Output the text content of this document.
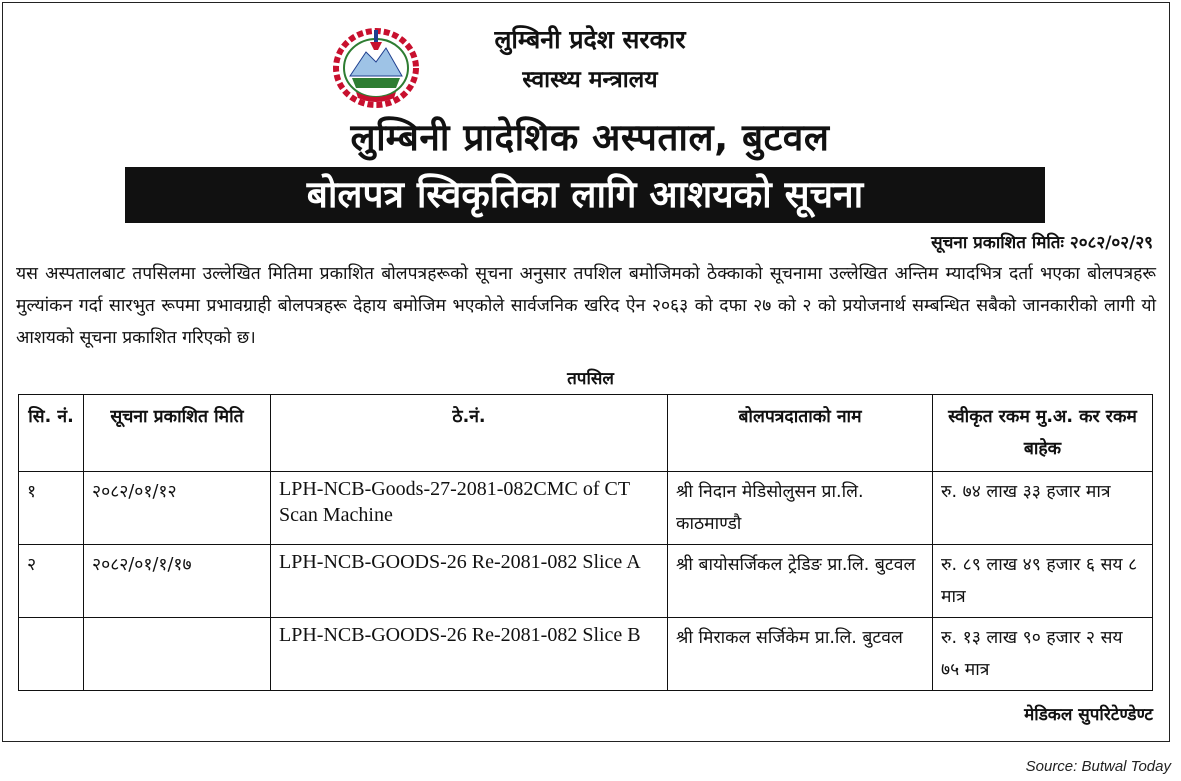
लुम्बिनी प्रदेश सरकार
स्वास्थ्य मन्त्रालय
लुम्बिनी प्रादेशिक अस्पताल, बुटवल
बोलपत्र स्विकृतिका लागि आशयको सूचना
सूचना प्रकाशित मितिः २०८२/०२/२९
यस अस्पतालबाट तपसिलमा उल्लेखित मितिमा प्रकाशित बोलपत्रहरूको सूचना अनुसार तपशिल बमोजिमको ठेक्काको सूचनामा उल्लेखित अन्तिम म्यादभित्र दर्ता भएका बोलपत्रहरू मुल्यांकन गर्दा सारभुत रूपमा प्रभावग्राही बोलपत्रहरू देहाय बमोजिम भएकोले सार्वजनिक खरिद ऐन २०६३ को दफा २७ को २ को प्रयोजनार्थ सम्बन्धित सबैको जानकारीको लागी यो आशयको सूचना प्रकाशित गरिएको छ।
तपसिल
सि. नं.	सूचना प्रकाशित मिति	ठे.नं.	बोलपत्रदाताको नाम	स्वीकृत रकम मु.अ. कर रकम बाहेक
१	२०८२/०१/१२	LPH-NCB-Goods-27-2081-082CMC of CT Scan Machine	श्री निदान मेडिसोलुसन प्रा.लि. काठमाण्डौ	रु. ७४ लाख ३३ हजार मात्र
२	२०८२/०१/१/१७	LPH-NCB-GOODS-26 Re-2081-082 Slice A	श्री बायोसर्जिकल ट्रेडिङ प्रा.लि. बुटवल	रु. ८९ लाख ४९ हजार ६ सय ८ मात्र
		LPH-NCB-GOODS-26 Re-2081-082 Slice B	श्री मिराकल सर्जिकेम प्रा.लि. बुटवल	रु. १३ लाख ९० हजार २ सय ७५ मात्र
मेडिकल सुपरिटेण्डेण्ट
Source: Butwal Today
